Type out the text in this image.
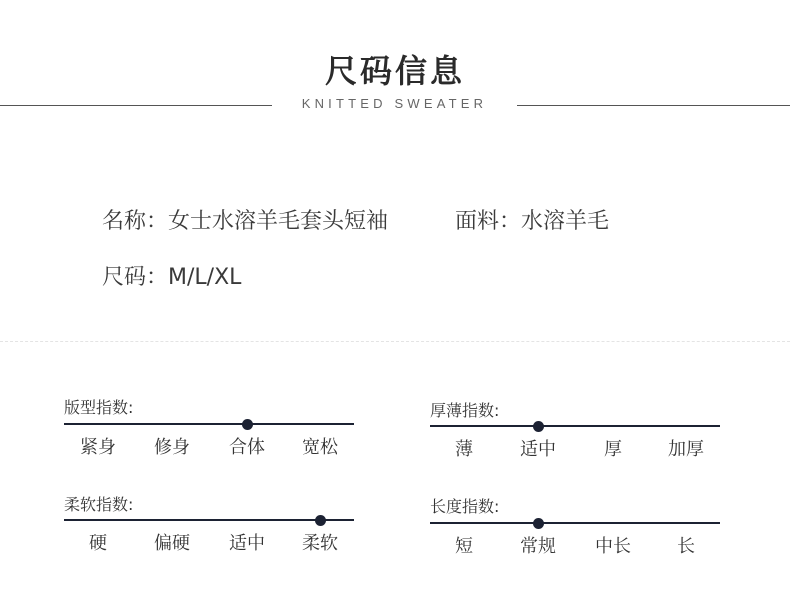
尺码信息
KNITTED SWEATER
名称：女士水溶羊毛套头短袖	面料：水溶羊毛
尺码：M/L/XL
版型指数:
紧身	修身	合体	宽松
厚薄指数:
薄	适中	厚	加厚
柔软指数:
硬	偏硬	适中	柔软
长度指数:
短	常规	中长	长
